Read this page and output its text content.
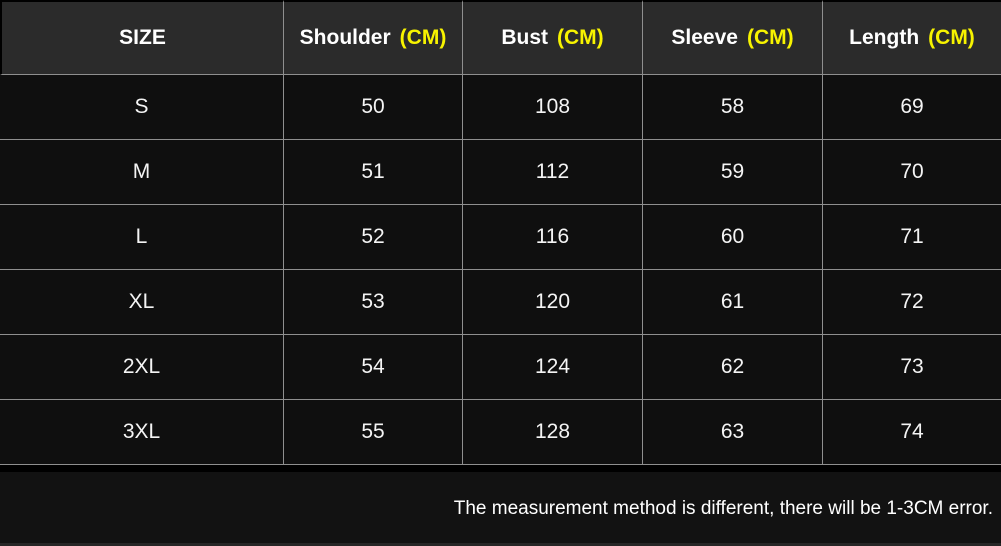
SIZE	Shoulder (CM)	Bust (CM)	Sleeve (CM)	Length (CM)
S	50	108	58	69
M	51	112	59	70
L	52	116	60	71
XL	53	120	61	72
2XL	54	124	62	73
3XL	55	128	63	74
The measurement method is different, there will be 1-3CM error.
